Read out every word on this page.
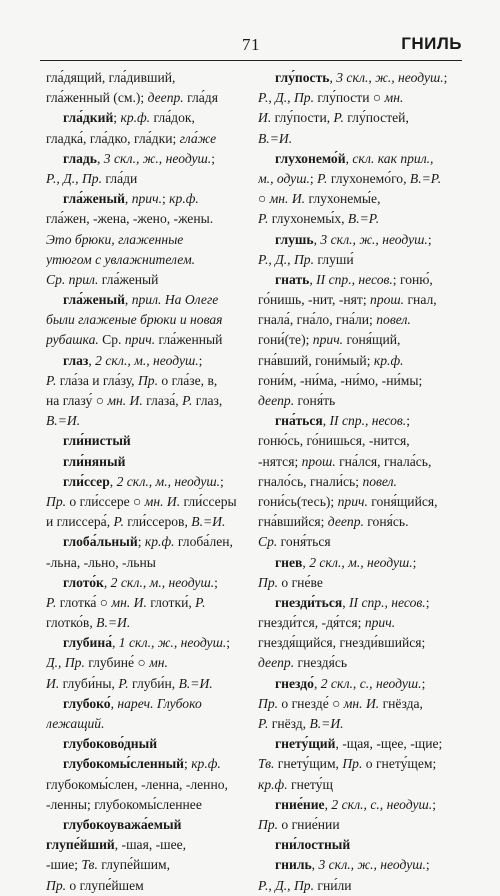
71	ГНИЛЬ
гла́дящий, гла́дивший,
гла́женный (см.); деепр. гла́дя
гла́дкий; кр.ф. гла́док,
гладка́, гла́дко, гла́дки; гла́же
гладь, 3 скл., ж., неодуш.;
Р., Д., Пр. гла́ди
гла́женый, прич.; кр.ф.
гла́жен, -жена, -жено, -жены.
Это брюки, глаженные
утюгом с увлажнителем.
Ср. прил. гла́женый
гла́женый, прил. На Олеге
были глаженые брюки и новая
рубашка. Ср. прич. гла́женный
глаз, 2 скл., м., неодуш.;
Р. гла́за и гла́зу, Пр. о гла́зе, в,
на глазу́ ○ мн. И. глаза́, Р. глаз,
В.=И.
гли́нистый
гли́няный
гли́ссер, 2 скл., м., неодуш.;
Пр. о гли́ссере ○ мн. И. гли́ссеры
и глиссера́, Р. гли́ссеров, В.=И.
глоба́льный; кр.ф. глоба́лен,
-льна, -льно, -льны
глото́к, 2 скл., м., неодуш.;
Р. глотка́ ○ мн. И. глотки́, Р.
глотко́в, В.=И.
глубина́, 1 скл., ж., неодуш.;
Д., Пр. глубине́ ○ мн.
И. глуби́ны, Р. глуби́н, В.=И.
глубоко́, нареч. Глубоко
лежащий.
глубоково́дный
глубокомы́сленный; кр.ф.
глубокомы́слен, -ленна, -ленно,
-ленны; глубокомы́сленнее
глубокоуважа́емый
глупе́йший, -шая, -шее,
-шие; Тв. глупе́йшим,
Пр. о глупе́йшем
глу́пость, 3 скл., ж., неодуш.;
Р., Д., Пр. глу́пости ○ мн.
И. глу́пости, Р. глу́постей,
В.=И.
глухонемо́й, скл. как прил.,
м., одуш.; Р. глухонемо́го, В.=Р.
○ мн. И. глухонемы́е,
Р. глухонемы́х, В.=Р.
глушь, 3 скл., ж., неодуш.;
Р., Д., Пр. глуши́
гнать, II спр., несов.; гоню́,
го́нишь, -нит, -нят; прош. гнал,
гнала́, гна́ло, гна́ли; повел.
гони́(те); прич. гоня́щий,
гна́вший, гони́мый; кр.ф.
гони́м, -ни́ма, -ни́мо, -ни́мы;
деепр. гоня́ть
гна́ться, II спр., несов.;
гоню́сь, го́нишься, -нится,
-нятся; прош. гна́лся, гнала́сь,
гнало́сь, гнали́сь; повел.
гони́сь(тесь); прич. гоня́щийся,
гна́вшийся; деепр. гоня́сь.
Ср. гоня́ться
гнев, 2 скл., м., неодуш.;
Пр. о гне́ве
гнезди́ться, II спр., несов.;
гнезди́тся, -дя́тся; прич.
гнездя́щийся, гнезди́вшийся;
деепр. гнездя́сь
гнездо́, 2 скл., с., неодуш.;
Пр. о гнезде́ ○ мн. И. гнёзда,
Р. гнёзд, В.=И.
гнету́щий, -щая, -щее, -щие;
Тв. гнету́щим, Пр. о гнету́щем;
кр.ф. гнету́щ
гние́ние, 2 скл., с., неодуш.;
Пр. о гние́нии
гни́лостный
гниль, 3 скл., ж., неодуш.;
Р., Д., Пр. гни́ли
